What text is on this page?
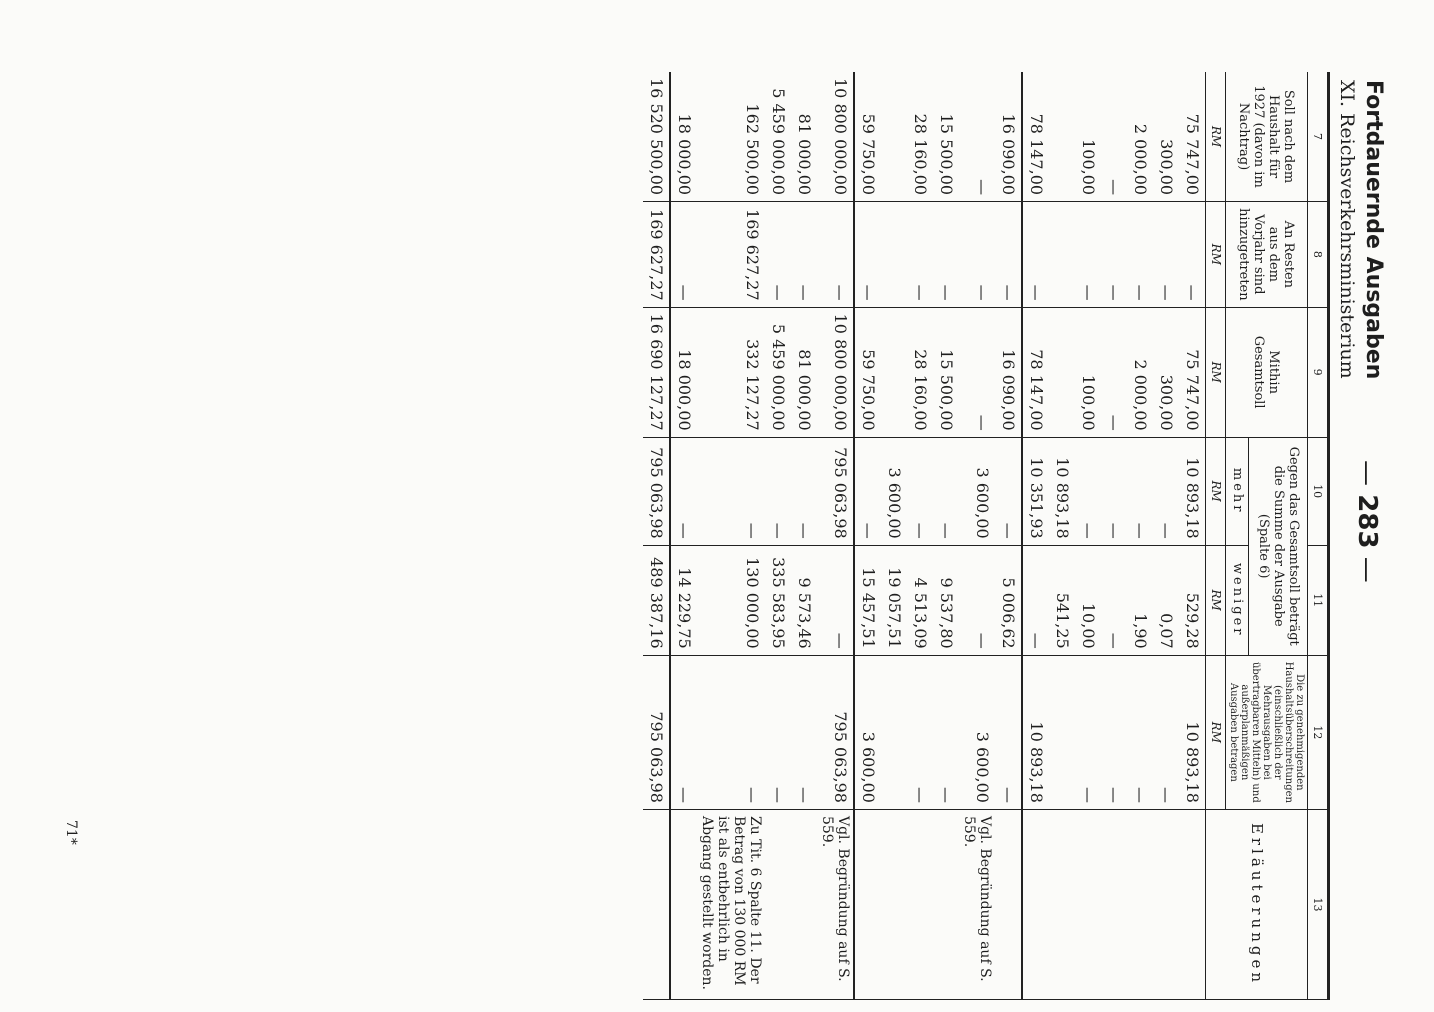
— 283 —
Fortdauernde Ausgaben
XI. Reichsverkehrsministerium
7	8	9	10	11	12	13
Soll nach dem Haushalt für 1927 (davon im Nachtrag)	An Resten aus dem Vorjahr sind hinzugetreten	Mithin Gesamtsoll	Gegen das Gesamtsoll beträgt die Summe der Ausgabe (Spalte 6)		Die zu genehmigenden Haushaltsüberschreitungen (einschließlich der Mehrausgaben bei übertragbaren Mitteln) und außerplanmäßigen Ausgaben betragen	Erläuterungen
			mehr	weniger		
RM	RM	RM	RM	RM	RM	
75 747,00	—	75 747,00	10 893,18	529,28	10 893,18	
300,00	—	300,00	—	0,07	—	
2 000,00	—	2 000,00	—	1,90	—	
—	—	—	—	—	—	
100,00	—	100,00	—	10,00	—	
			10 893,18	541,25		
78 147,00	—	78 147,00	10 351,93	—	10 893,18	
16 090,00	—	16 090,00	—	5 006,62	—	
—	—	—	3 600,00	—	3 600,00	Vgl. Begründung auf S. 559.
15 500,00	—	15 500,00	—	9 537,80	—	
28 160,00	—	28 160,00	—	4 513,09	—	
			3 600,00	19 057,51		
59 750,00	—	59 750,00	—	15 457,51	3 600,00	
10 800 000,00	—	10 800 000,00	795 063,98	—	795 063,98	Vgl. Begründung auf S. 559.
81 000,00	—	81 000,00	—	9 573,46	—	
5 459 000,00	—	5 459 000,00	—	335 583,95	—	
162 500,00	169 627,27	332 127,27	—	130 000,00	—	Zu Tit. 6 Spalte 11. Der Betrag von 130 000 RM ist als entbehrlich in Abgang gestellt worden.
18 000,00	—	18 000,00	—	14 229,75	—	
16 520 500,00	169 627,27	16 690 127,27	795 063,98	489 387,16	795 063,98	
71*
